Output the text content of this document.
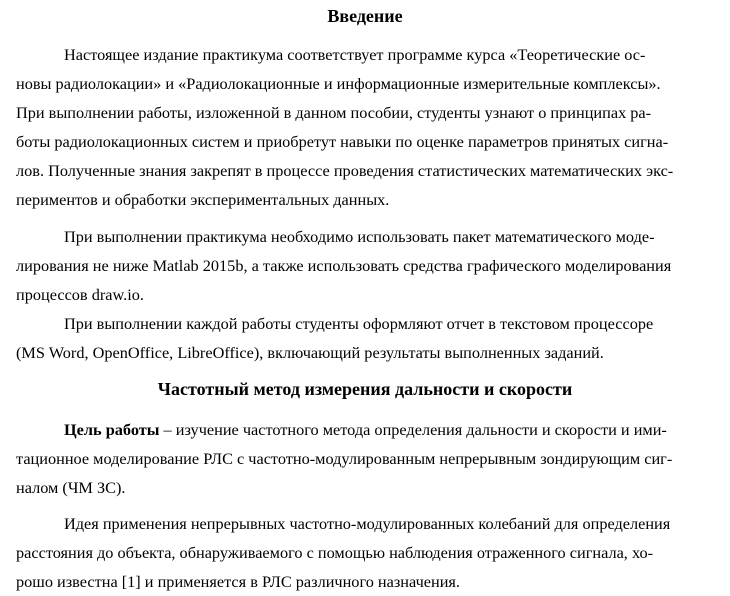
Введение

Настоящее издание практикума соответствует программе курса «Теоретические ос-
новы радиолокации» и «Радиолокационные и информационные измерительные комплексы».
При выполнении работы, изложенной в данном пособии, студенты узнают о принципах ра-
боты радиолокационных систем и приобретут навыки по оценке параметров принятых сигна-
лов. Полученные знания закрепят в процессе проведения статистических математических экс-
периментов и обработки экспериментальных данных.

При выполнении практикума необходимо использовать пакет математического моде-
лирования не ниже Matlab 2015b, а также использовать средства графического моделирования
процессов draw.io.

При выполнении каждой работы студенты оформляют отчет в текстовом процессоре
(MS Word, OpenOffice, LibreOffice), включающий результаты выполненных заданий.

Частотный метод измерения дальности и скорости

Цель работы – изучение частотного метода определения дальности и скорости и ими-
тационное моделирование РЛС с частотно-модулированным непрерывным зондирующим сиг-
налом (ЧМ ЗС).

Идея применения непрерывных частотно-модулированных колебаний для определения
расстояния до объекта, обнаруживаемого с помощью наблюдения отраженного сигнала, хо-
рошо известна [1] и применяется в РЛС различного назначения.
